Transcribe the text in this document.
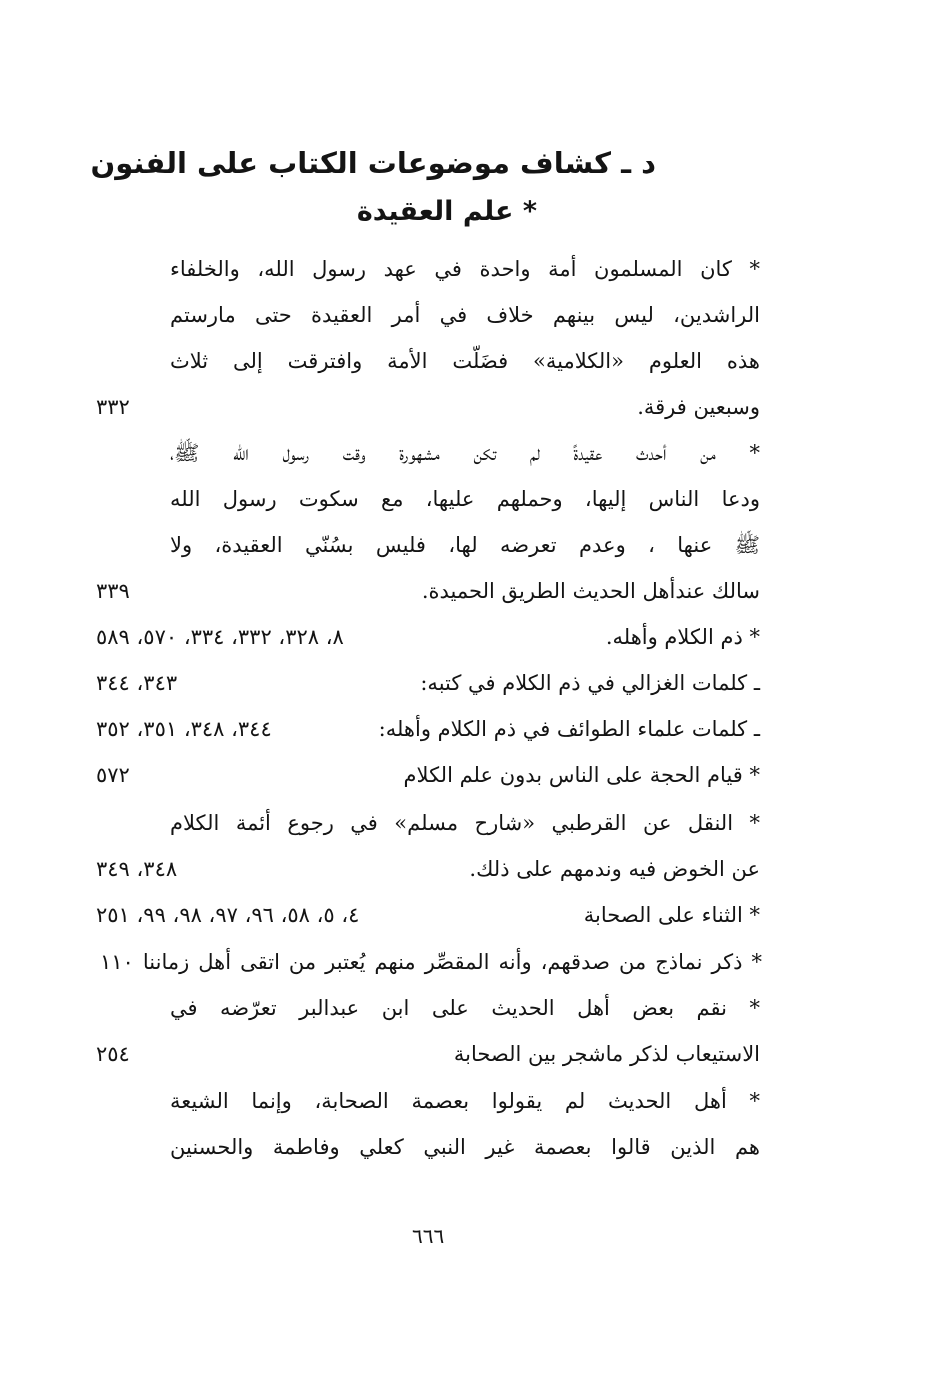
د ـ كشاف موضوعات الكتاب على الفنون
* علم العقيدة
* كان المسلمون أمة واحدة في عهد رسول الله، والخلفاء
الراشدين، ليس بينهم خلاف في أمر العقيدة حتى مارستم
هذه العلوم «الكلامية» فضَلّت الأمة وافترقت إلى ثلاث
وسبعين فرقة.
٣٣٢
* من أحدث عقيدةً لم تكن مشهورة وقت رسول الله ﷺ،
ودعا الناس إليها، وحملهم عليها، مع سكوت رسول الله
ﷺ عنها ، وعدم تعرضه لها، فليس بسُنّي العقيدة، ولا
سالك عندأهل الحديث الطريق الحميدة.
٣٣٩
* ذم الكلام وأهله.
٨، ٣٢٨، ٣٣٢، ٣٣٤، ٥٧٠، ٥٨٩
ـ كلمات الغزالي في ذم الكلام في كتبه:
٣٤٣، ٣٤٤
ـ كلمات علماء الطوائف في ذم الكلام وأهله:
٣٤٤، ٣٤٨، ٣٥١، ٣٥٢
* قيام الحجة على الناس بدون علم الكلام
٥٧٢
* النقل عن القرطبي «شارح مسلم» في رجوع أئمة الكلام
عن الخوض فيه وندمهم على ذلك.
٣٤٨، ٣٤٩
* الثناء على الصحابة
٤، ٥، ٥٨، ٩٦، ٩٧، ٩٨، ٩٩، ٢٥١
* ذكر نماذج من صدقهم، وأنه المقصِّر منهم يُعتبر من اتقى أهل زماننا ١١٠
* نقم بعض أهل الحديث على ابن عبدالبر تعرّضه في
الاستيعاب لذكر ماشجر بين الصحابة
٢٥٤
* أهل الحديث لم يقولوا بعصمة الصحابة، وإنما الشيعة
هم الذين قالوا بعصمة غير النبي كعلي وفاطمة والحسنين
٦٦٦
